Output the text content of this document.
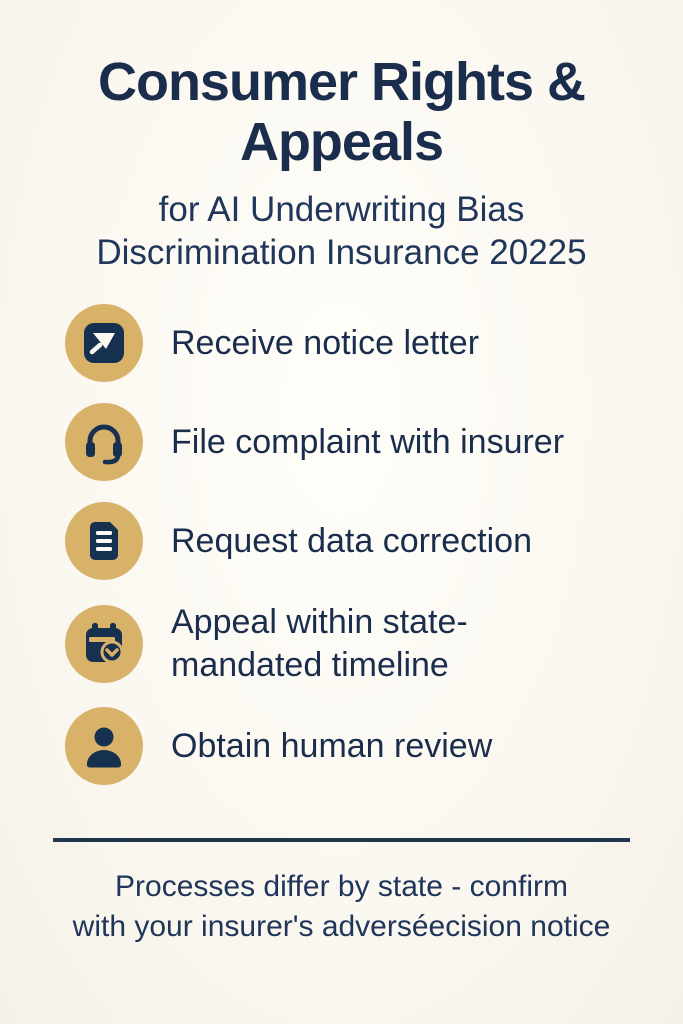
Consumer Rights &
Appeals
for AI Underwriting Bias
Discrimination Insurance 20225
Receive notice letter
File complaint with insurer
Request data correction
Appeal within state-mandated timeline
Obtain human review
Processes differ by state - confirm
with your insurer's adverséecision notice
